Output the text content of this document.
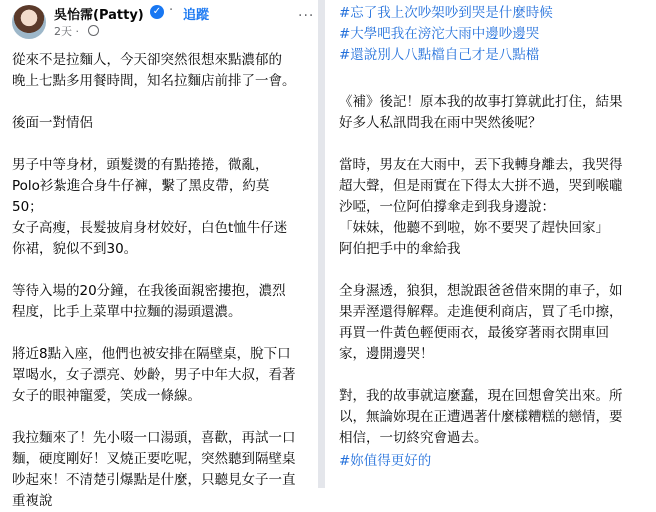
吳怡霈(Patty) ✓ · 追蹤
2天 ·
···
從來不是拉麵人，今天卻突然很想來點濃郁的
晚上七點多用餐時間，知名拉麵店前排了一會。
後面一對情侶
男子中等身材，頭髮燙的有點捲捲，微亂，
Polo衫紮進合身牛仔褲，繫了黑皮帶，約莫
50；
女子高瘦，長髮披肩身材姣好，白色t恤牛仔迷
你裙，貌似不到30。
等待入場的20分鐘，在我後面親密摟抱，濃烈
程度，比手上菜單中拉麵的湯頭還濃。
將近8點入座，他們也被安排在隔壁桌，脫下口
罩喝水，女子漂亮、妙齡，男子中年大叔，看著
女子的眼神寵愛，笑成一條線。
我拉麵來了！先小啜一口湯頭，喜歡，再試一口
麵，硬度剛好！叉燒正要吃呢，突然聽到隔壁桌
吵起來！不清楚引爆點是什麼，只聽見女子一直
重複說
#忘了我上次吵架吵到哭是什麼時候
#大學吧我在滂沱大雨中邊吵邊哭
#還說別人八點檔自己才是八點檔
《補》後記！原本我的故事打算就此打住，結果
好多人私訊問我在雨中哭然後呢？
當時，男友在大雨中，丟下我轉身離去，我哭得
超大聲，但是雨實在下得太大拼不過，哭到喉嚨
沙啞，一位阿伯撐傘走到我身邊說：
「妹妹，他聽不到啦，妳不要哭了趕快回家」
阿伯把手中的傘給我
全身濕透，狼狽，想說跟爸爸借來開的車子，如
果弄溼還得解釋。走進便利商店，買了毛巾擦，
再買一件黃色輕便雨衣，最後穿著雨衣開車回
家，邊開邊哭！
對，我的故事就這麼蠢，現在回想會笑出來。所
以，無論妳現在正遭遇著什麼樣糟糕的戀情，要
相信，一切終究會過去。
#妳值得更好的
